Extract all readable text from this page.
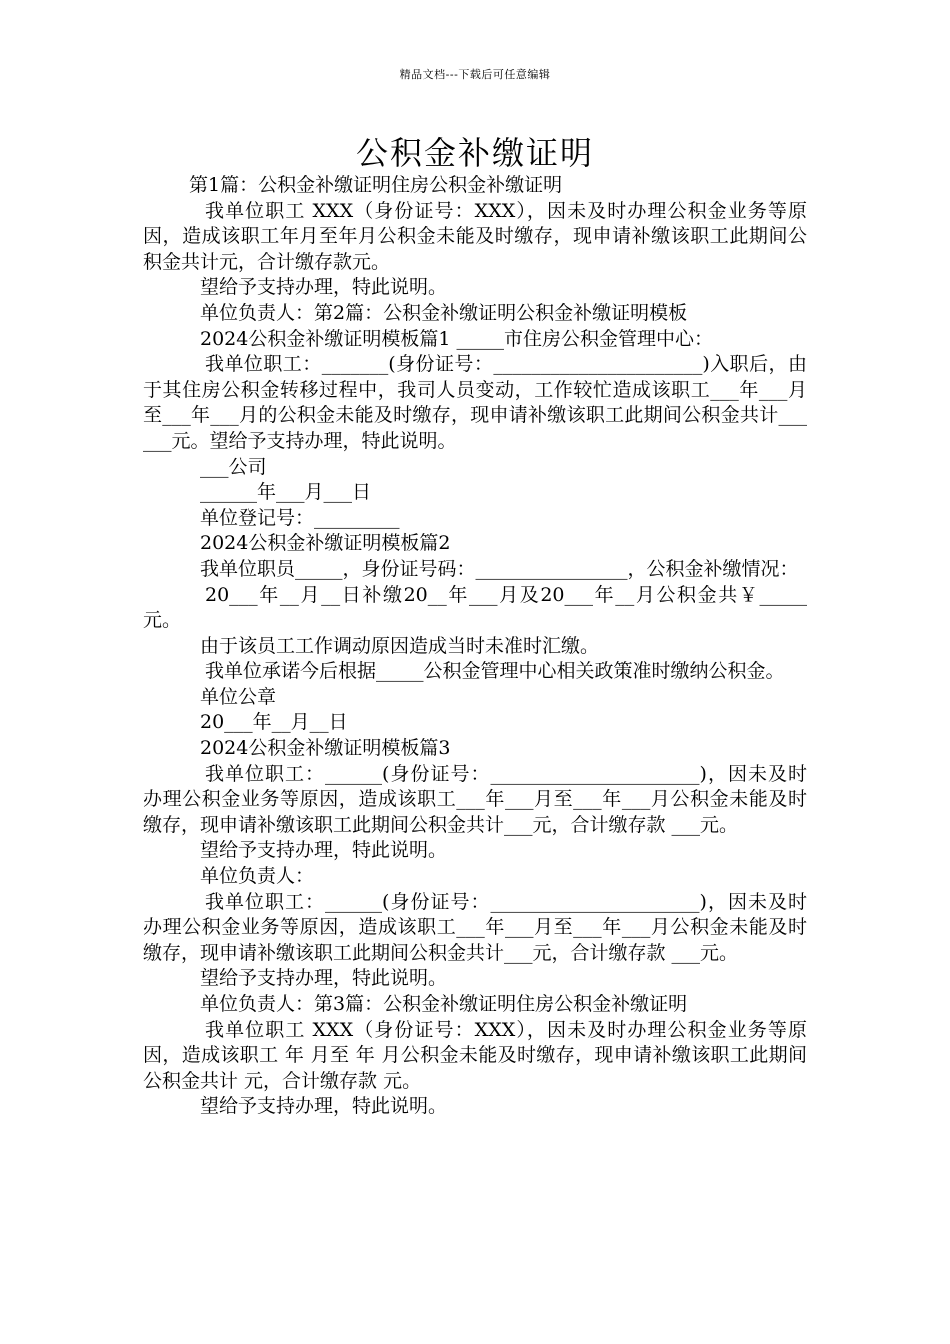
精品文档---下载后可任意编辑
公积金补缴证明

第1篇：公积金补缴证明住房公积金补缴证明

我单位职工 XXX（身份证号：XXX），因未及时办理公积金业务等原因，造成该职工年月至年月公积金未能及时缴存，现申请补缴该职工此期间公积金共计元，合计缴存款元。

望给予支持办理，特此说明。

单位负责人：第2篇：公积金补缴证明公积金补缴证明模板

2024公积金补缴证明模板篇1 _____市住房公积金管理中心：

我单位职工：_______(身份证号：______________________)入职后，由于其住房公积金转移过程中，我司人员变动，工作较忙造成该职工___年___月至___年___月的公积金未能及时缴存，现申请补缴该职工此期间公积金共计______元。望给予支持办理，特此说明。

___公司

______年___月___日

单位登记号：_________

2024公积金补缴证明模板篇2

我单位职员_____，身份证号码：________________，公积金补缴情况：

20___年__月__日补缴20__年___月及20___年__月公积金共￥_____元。

由于该员工工作调动原因造成当时未准时汇缴。

我单位承诺今后根据_____公积金管理中心相关政策准时缴纳公积金。

单位公章

20___年__月__日

2024公积金补缴证明模板篇3

我单位职工：______(身份证号：______________________)，因未及时办理公积金业务等原因，造成该职工___年___月至___年___月公积金未能及时缴存，现申请补缴该职工此期间公积金共计___元，合计缴存款 ___元。

望给予支持办理，特此说明。

单位负责人：

我单位职工：______(身份证号：______________________)，因未及时办理公积金业务等原因，造成该职工___年___月至___年___月公积金未能及时缴存，现申请补缴该职工此期间公积金共计___元，合计缴存款 ___元。

望给予支持办理，特此说明。

单位负责人：第3篇：公积金补缴证明住房公积金补缴证明

我单位职工 XXX（身份证号：XXX），因未及时办理公积金业务等原因，造成该职工 年 月至 年 月公积金未能及时缴存，现申请补缴该职工此期间公积金共计 元，合计缴存款 元。

望给予支持办理，特此说明。
